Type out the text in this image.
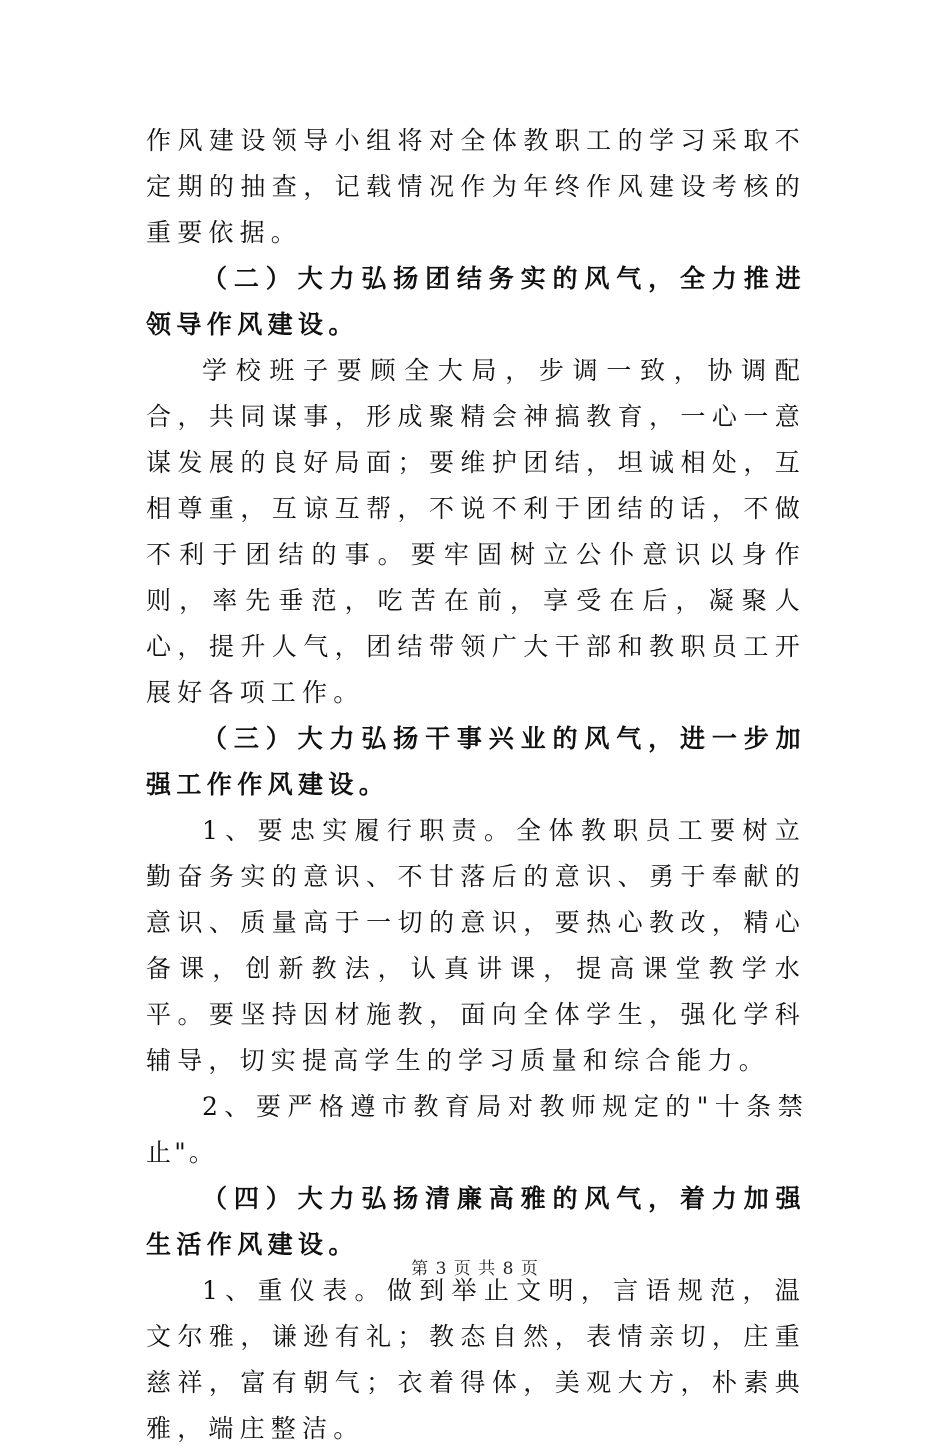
作风建设领导小组将对全体教职工的学习采取不定期的抽查，记载情况作为年终作风建设考核的重要依据。

（二）大力弘扬团结务实的风气，全力推进领导作风建设。

学校班子要顾全大局，步调一致，协调配合，共同谋事，形成聚精会神搞教育，一心一意谋发展的良好局面；要维护团结，坦诚相处，互相尊重，互谅互帮，不说不利于团结的话，不做不利于团结的事。要牢固树立公仆意识以身作则，率先垂范，吃苦在前，享受在后，凝聚人心，提升人气，团结带领广大干部和教职员工开展好各项工作。

（三）大力弘扬干事兴业的风气，进一步加强工作作风建设。

1、要忠实履行职责。全体教职员工要树立勤奋务实的意识、不甘落后的意识、勇于奉献的意识、质量高于一切的意识，要热心教改，精心备课，创新教法，认真讲课，提高课堂教学水平。要坚持因材施教，面向全体学生，强化学科辅导，切实提高学生的学习质量和综合能力。

2、要严格遵市教育局对教师规定的"十条禁止"。

（四）大力弘扬清廉高雅的风气，着力加强生活作风建设。

1、重仪表。做到举止文明，言语规范，温文尔雅，谦逊有礼；教态自然，表情亲切，庄重慈祥，富有朝气；衣着得体，美观大方，朴素典雅，端庄整洁。

第 3 页 共 8 页
